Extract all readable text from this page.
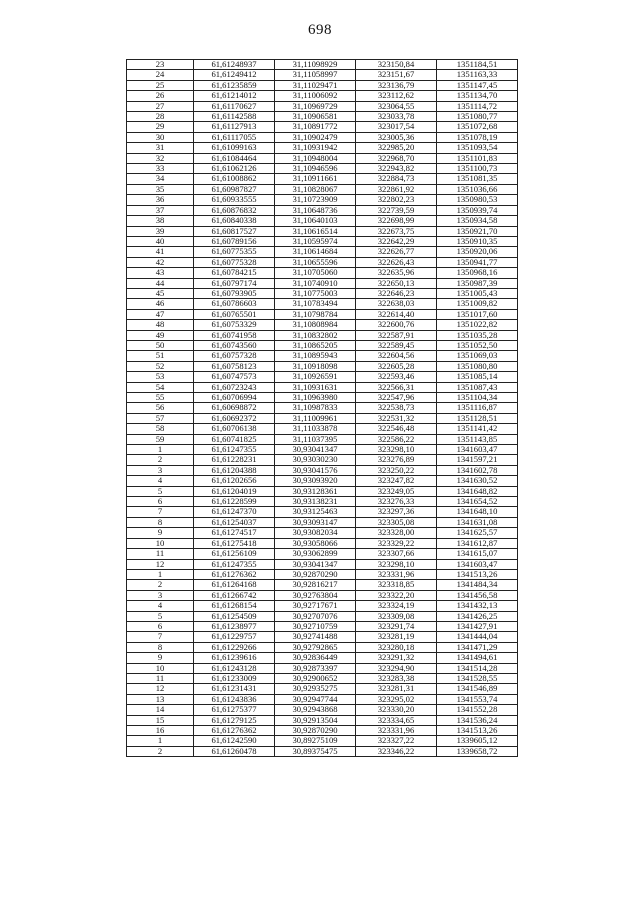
698
23	61,61248937	31,11098929	323150,84	1351184,51
24	61,61249412	31,11058997	323151,67	1351163,33
25	61,61235859	31,11029471	323136,79	1351147,45
26	61,61214012	31,11006092	323112,62	1351134,70
27	61,61170627	31,10969729	323064,55	1351114,72
28	61,61142588	31,10906581	323033,78	1351080,77
29	61,61127913	31,10891772	323017,54	1351072,68
30	61,61117055	31,10902479	323005,36	1351078,19
31	61,61099163	31,10931942	322985,20	1351093,54
32	61,61084464	31,10948004	322968,70	1351101,83
33	61,61062126	31,10946596	322943,82	1351100,73
34	61,61008862	31,10911661	322884,73	1351081,35
35	61,60987827	31,10828067	322861,92	1351036,66
36	61,60933555	31,10723909	322802,23	1350980,53
37	61,60876832	31,10648736	322739,59	1350939,74
38	61,60840338	31,10640103	322698,99	1350934,58
39	61,60817527	31,10616514	322673,75	1350921,70
40	61,60789156	31,10595974	322642,29	1350910,35
41	61,60775355	31,10614684	322626,77	1350920,06
42	61,60775328	31,10655596	322626,43	1350941,77
43	61,60784215	31,10705060	322635,96	1350968,16
44	61,60797174	31,10740910	322650,13	1350987,39
45	61,60793905	31,10775003	322646,23	1351005,43
46	61,60786603	31,10783494	322638,03	1351009,82
47	61,60765501	31,10798784	322614,40	1351017,60
48	61,60753329	31,10808984	322600,76	1351022,82
49	61,60741958	31,10832802	322587,91	1351035,28
50	61,60743560	31,10865205	322589,45	1351052,50
51	61,60757328	31,10895943	322604,56	1351069,03
52	61,60758123	31,10918098	322605,28	1351080,80
53	61,60747573	31,10926591	322593,46	1351085,14
54	61,60723243	31,10931631	322566,31	1351087,43
55	61,60706994	31,10963980	322547,96	1351104,34
56	61,60698872	31,10987833	322538,73	1351116,87
57	61,60692372	31,11009961	322531,32	1351128,51
58	61,60706138	31,11033878	322546,48	1351141,42
59	61,60741825	31,11037395	322586,22	1351143,85
1	61,61247355	30,93041347	323298,10	1341603,47
2	61,61228231	30,93030230	323276,89	1341597,21
3	61,61204388	30,93041576	323250,22	1341602,78
4	61,61202656	30,93093920	323247,82	1341630,52
5	61,61204019	30,93128361	323249,05	1341648,82
6	61,61228599	30,93138231	323276,33	1341654,52
7	61,61247370	30,93125463	323297,36	1341648,10
8	61,61254037	30,93093147	323305,08	1341631,08
9	61,61274517	30,93082034	323328,00	1341625,57
10	61,61275418	30,93058066	323329,22	1341612,87
11	61,61256109	30,93062899	323307,66	1341615,07
12	61,61247355	30,93041347	323298,10	1341603,47
1	61,61276362	30,92870290	323331,96	1341513,26
2	61,61264168	30,92816217	323318,85	1341484,34
3	61,61266742	30,92763804	323322,20	1341456,58
4	61,61268154	30,92717671	323324,19	1341432,13
5	61,61254509	30,92707076	323309,08	1341426,25
6	61,61238977	30,92710759	323291,74	1341427,91
7	61,61229757	30,92741488	323281,19	1341444,04
8	61,61229266	30,92792865	323280,18	1341471,29
9	61,61239616	30,92836449	323291,32	1341494,61
10	61,61243128	30,92873397	323294,90	1341514,28
11	61,61233009	30,92900652	323283,38	1341528,55
12	61,61231431	30,92935275	323281,31	1341546,89
13	61,61243836	30,92947744	323295,02	1341553,74
14	61,61275377	30,92943868	323330,20	1341552,28
15	61,61279125	30,92913504	323334,65	1341536,24
16	61,61276362	30,92870290	323331,96	1341513,26
1	61,61242590	30,89275109	323327,22	1339605,12
2	61,61260478	30,89375475	323346,22	1339658,72
